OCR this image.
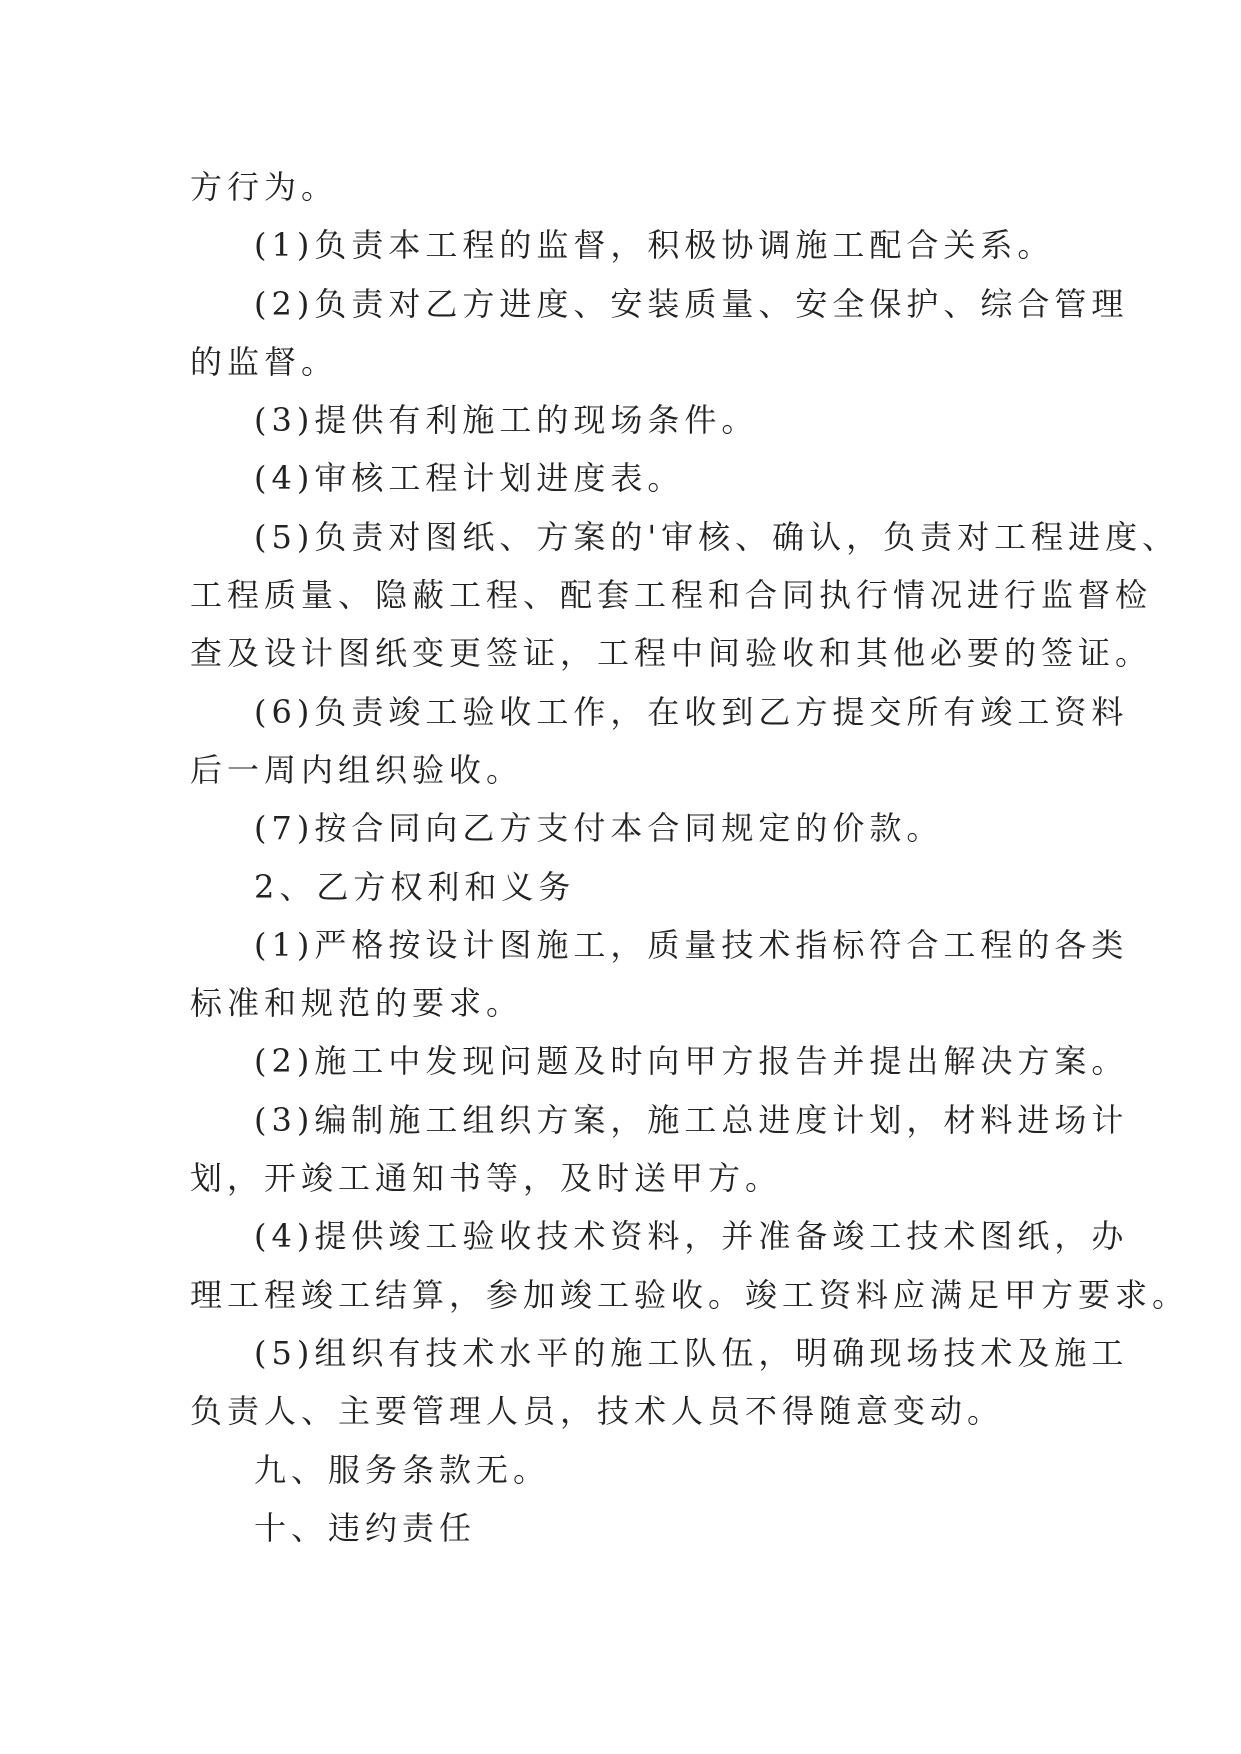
方行为。
(1)负责本工程的监督，积极协调施工配合关系。
(2)负责对乙方进度、安装质量、安全保护、综合管理
的监督。
(3)提供有利施工的现场条件。
(4)审核工程计划进度表。
(5)负责对图纸、方案的'审核、确认，负责对工程进度、
工程质量、隐蔽工程、配套工程和合同执行情况进行监督检
查及设计图纸变更签证，工程中间验收和其他必要的签证。
(6)负责竣工验收工作，在收到乙方提交所有竣工资料
后一周内组织验收。
(7)按合同向乙方支付本合同规定的价款。
2、乙方权利和义务
(1)严格按设计图施工，质量技术指标符合工程的各类
标准和规范的要求。
(2)施工中发现问题及时向甲方报告并提出解决方案。
(3)编制施工组织方案，施工总进度计划，材料进场计
划，开竣工通知书等，及时送甲方。
(4)提供竣工验收技术资料，并准备竣工技术图纸，办
理工程竣工结算，参加竣工验收。竣工资料应满足甲方要求。
(5)组织有技术水平的施工队伍，明确现场技术及施工
负责人、主要管理人员，技术人员不得随意变动。
九、服务条款无。
十、违约责任
